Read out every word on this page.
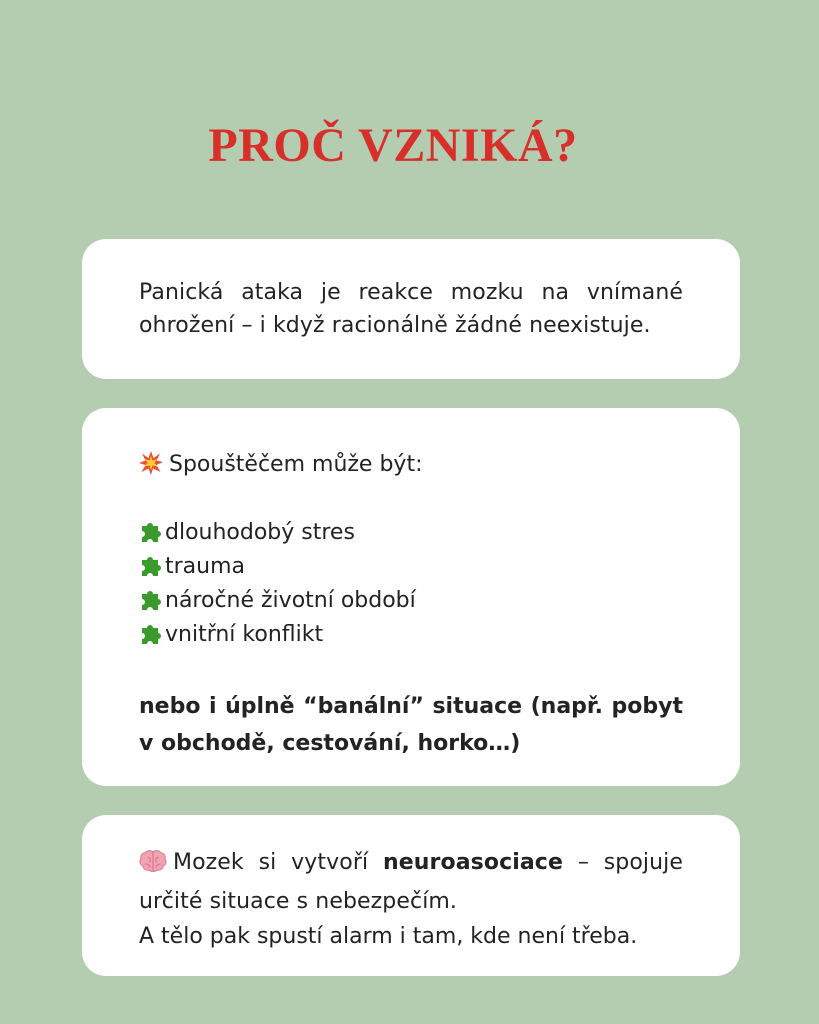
PROČ VZNIKÁ?

Panická ataka je reakce mozku na vnímané ohrožení – i když racionálně žádné neexistuje.

Spouštěčem může být:

dlouhodobý stres

trauma

náročné životní období

vnitřní konflikt

nebo i úplně “banální” situace (např. pobyt v obchodě, cestování, horko…)

Mozek si vytvoří neuroasociace – spojuje určité situace s nebezpečím.

A tělo pak spustí alarm i tam, kde není třeba.
